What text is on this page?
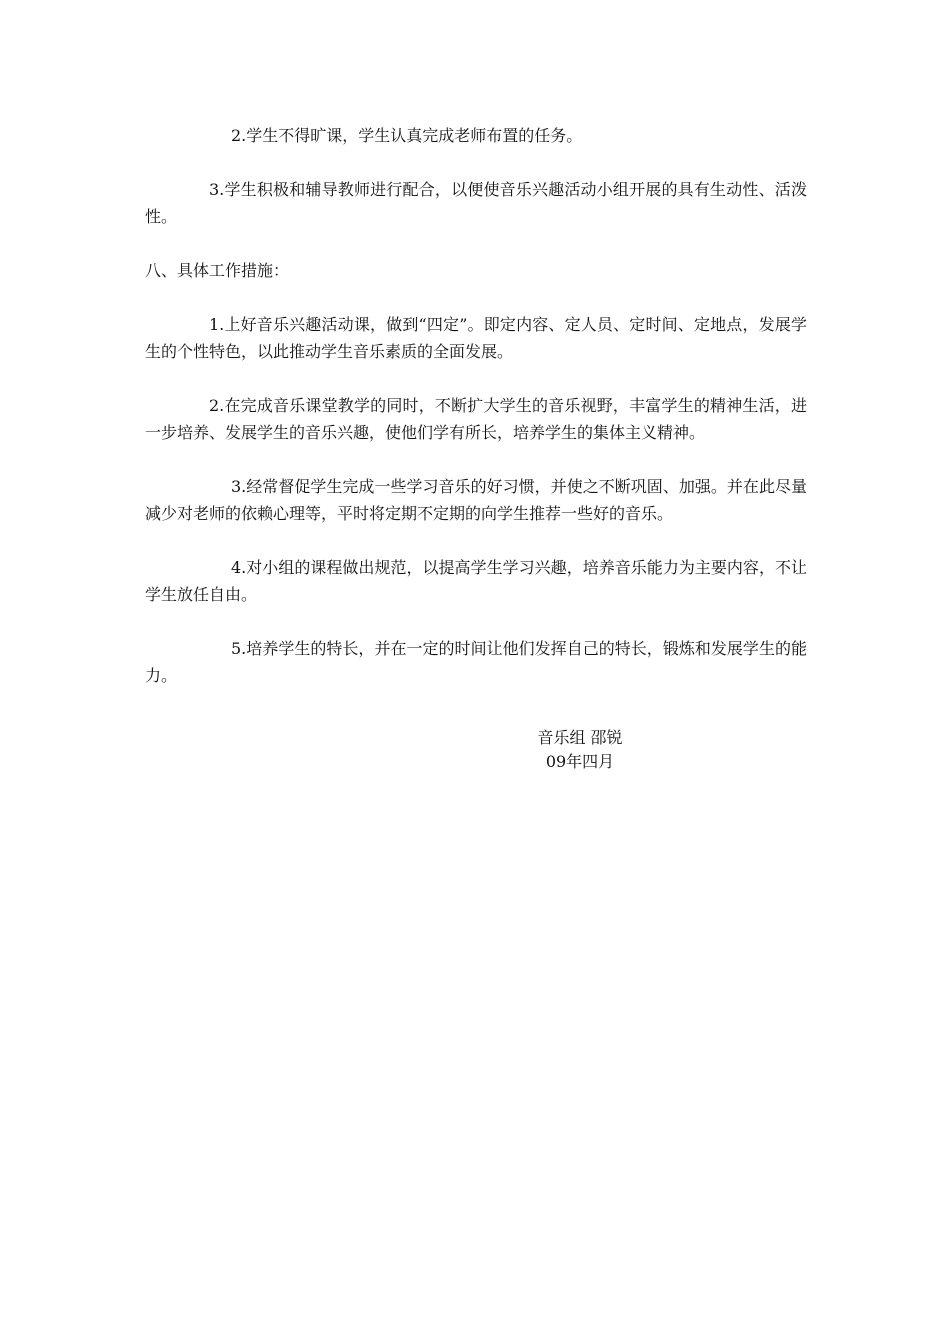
2.学生不得旷课，学生认真完成老师布置的任务。

3.学生积极和辅导教师进行配合，以便使音乐兴趣活动小组开展的具有生动性、活泼性。

八、具体工作措施：

1.上好音乐兴趣活动课，做到“四定”。即定内容、定人员、定时间、定地点，发展学生的个性特色，以此推动学生音乐素质的全面发展。

2.在完成音乐课堂教学的同时，不断扩大学生的音乐视野，丰富学生的精神生活，进一步培养、发展学生的音乐兴趣，使他们学有所长，培养学生的集体主义精神。

3.经常督促学生完成一些学习音乐的好习惯，并使之不断巩固、加强。并在此尽量减少对老师的依赖心理等，平时将定期不定期的向学生推荐一些好的音乐。

4.对小组的课程做出规范，以提高学生学习兴趣，培养音乐能力为主要内容，不让学生放任自由。

5.培养学生的特长，并在一定的时间让他们发挥自己的特长，锻炼和发展学生的能力。

音乐组 邵锐
09年四月
